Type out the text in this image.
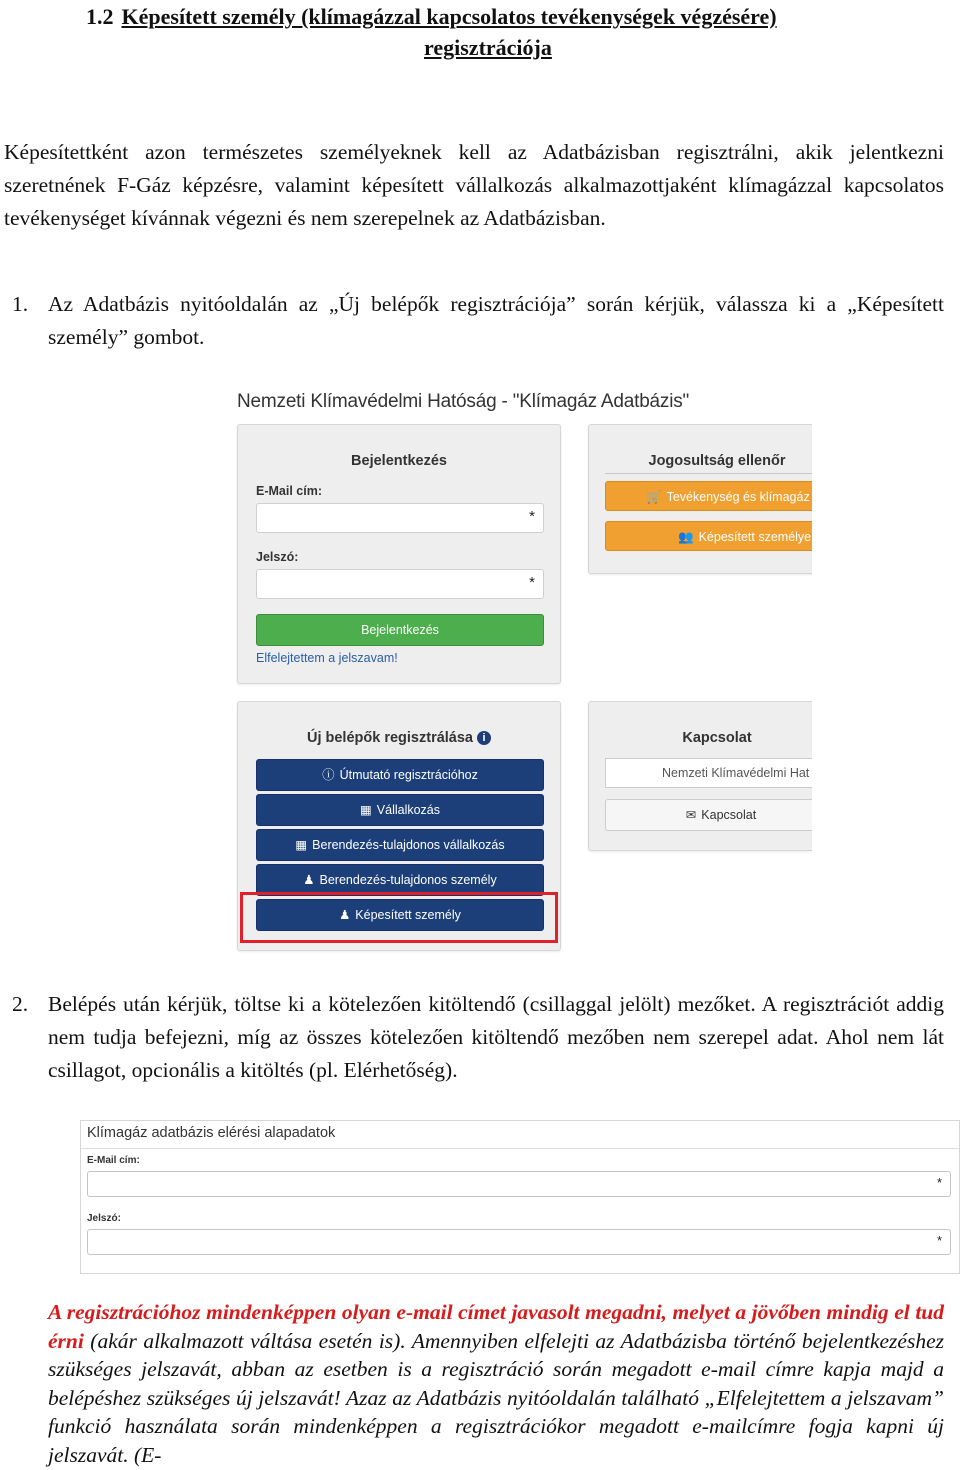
1.2 Képesített személy (klímagázzal kapcsolatos tevékenységek végzésére)
regisztrációja
Képesítettként azon természetes személyeknek kell az Adatbázisban regisztrálni, akik jelentkezni szeretnének F-Gáz képzésre, valamint képesített vállalkozás alkalmazottjaként klímagázzal kapcsolatos tevékenységet kívánnak végezni és nem szerepelnek az Adatbázisban.
1. Az Adatbázis nyitóoldalán az „Új belépők regisztrációja” során kérjük, válassza ki a „Képesített személy” gombot.
Nemzeti Klímavédelmi Hatóság - "Klímagáz Adatbázis"
Bejelentkezés
E-Mail cím:
*
Jelszó:
*
Bejelentkezés
Elfelejtettem a jelszavam!
Jogosultság ellenőr
🛒 Tevékenység és klímagáz
👥 Képesített személye
Új belépők regisztrálása i
ⓘ Útmutató regisztrációhoz
▦ Vállalkozás
▦ Berendezés-tulajdonos vállalkozás
♟ Berendezés-tulajdonos személy
♟ Képesített személy
Kapcsolat
Nemzeti Klímavédelmi Hat
✉ Kapcsolat
2. Belépés után kérjük, töltse ki a kötelezően kitöltendő (csillaggal jelölt) mezőket. A regisztrációt addig nem tudja befejezni, míg az összes kötelezően kitöltendő mezőben nem szerepel adat. Ahol nem lát csillagot, opcionális a kitöltés (pl. Elérhetőség).
Klímagáz adatbázis elérési alapadatok
E-Mail cím:
*
Jelszó:
*
A regisztrációhoz mindenképpen olyan e-mail címet javasolt megadni, melyet a jövőben mindig el tud érni (akár alkalmazott váltása esetén is). Amennyiben elfelejti az Adatbázisba történő bejelentkezéshez szükséges jelszavát, abban az esetben is a regisztráció során megadott e-mail címre kapja majd a belépéshez szükséges új jelszavát! Azaz az Adatbázis nyitóoldalán található „Elfelejtettem a jelszavam” funkció használata során mindenképpen a regisztrációkor megadott e-mailcímre fogja kapni új jelszavát. (E-
